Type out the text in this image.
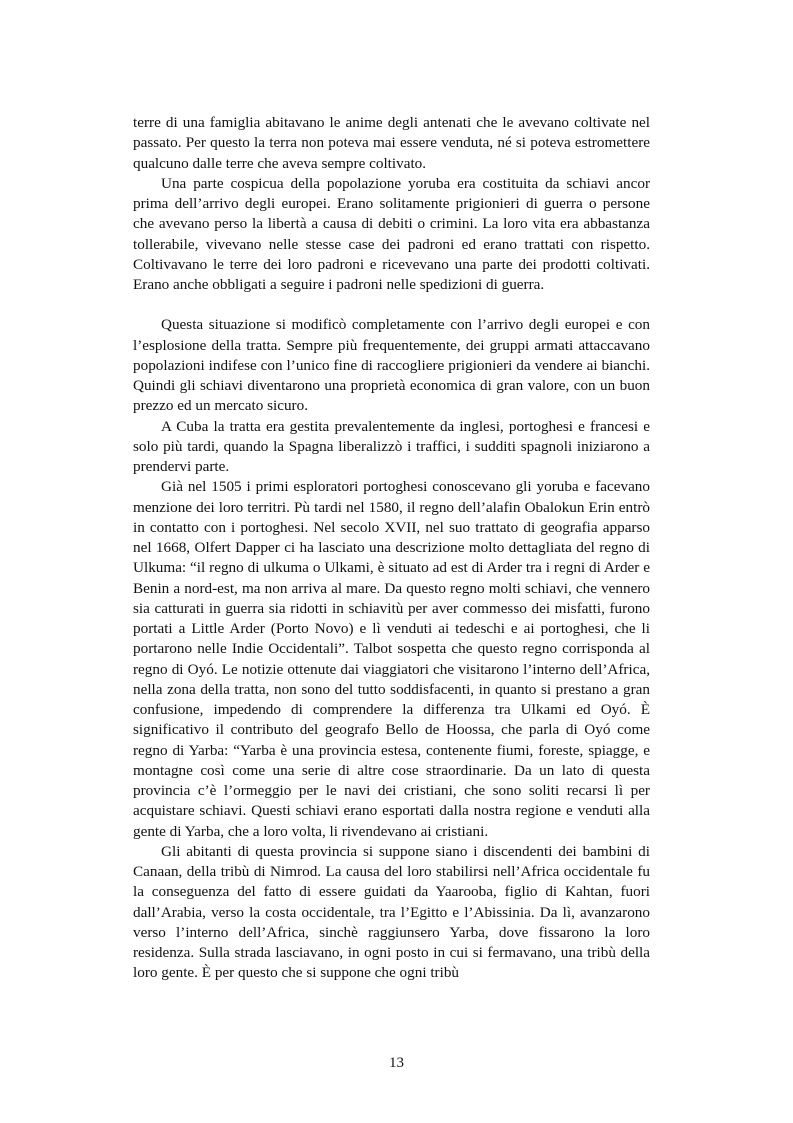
terre di una famiglia abitavano le anime degli antenati che le avevano coltivate nel passato. Per questo la terra non poteva mai essere venduta, né si poteva estromettere qualcuno dalle terre che aveva sempre coltivato.

Una parte cospicua della popolazione yoruba era costituita da schiavi ancor prima dell’arrivo degli europei. Erano solitamente prigionieri di guerra o persone che avevano perso la libertà a causa di debiti o crimini. La loro vita era abbastanza tollerabile, vivevano nelle stesse case dei padroni ed erano trattati con rispetto. Coltivavano le terre dei loro padroni e ricevevano una parte dei prodotti coltivati. Erano anche obbligati a seguire i padroni nelle spedizioni di guerra.

Questa situazione si modificò completamente con l’arrivo degli europei e con l’esplosione della tratta. Sempre più frequentemente, dei gruppi armati attaccavano popolazioni indifese con l’unico fine di raccogliere prigionieri da vendere ai bianchi. Quindi gli schiavi diventarono una proprietà economica di gran valore, con un buon prezzo ed un mercato sicuro.

A Cuba la tratta era gestita prevalentemente da inglesi, portoghesi e francesi e solo più tardi, quando la Spagna liberalizzò i traffici, i sudditi spagnoli iniziarono a prendervi parte.

Già nel 1505 i primi esploratori portoghesi conoscevano gli yoruba e facevano menzione dei loro territri. Pù tardi nel 1580, il regno dell’alafin Obalokun Erin entrò in contatto con i portoghesi. Nel secolo XVII, nel suo trattato di geografia apparso nel 1668, Olfert Dapper ci ha lasciato una descrizione molto dettagliata del regno di Ulkuma: “il regno di ulkuma o Ulkami, è situato ad est di Arder tra i regni di Arder e Benin a nord-est, ma non arriva al mare. Da questo regno molti schiavi, che vennero sia catturati in guerra sia ridotti in schiavitù per aver commesso dei misfatti, furono portati a Little Arder (Porto Novo) e lì venduti ai tedeschi e ai portoghesi, che li portarono nelle Indie Occidentali”. Talbot sospetta che questo regno corrisponda al regno di Oyó. Le notizie ottenute dai viaggiatori che visitarono l’interno dell’Africa, nella zona della tratta, non sono del tutto soddisfacenti, in quanto si prestano a gran confusione, impedendo di comprendere la differenza tra Ulkami ed Oyó. È significativo il contributo del geografo Bello de Hoossa, che parla di Oyó come regno di Yarba: “Yarba è una provincia estesa, contenente fiumi, foreste, spiagge, e montagne così come una serie di altre cose straordinarie. Da un lato di questa provincia c’è l’ormeggio per le navi dei cristiani, che sono soliti recarsi lì per acquistare schiavi. Questi schiavi erano esportati dalla nostra regione e venduti alla gente di Yarba, che a loro volta, li rivendevano ai cristiani.

Gli abitanti di questa provincia si suppone siano i discendenti dei bambini di Canaan, della tribù di Nimrod. La causa del loro stabilirsi nell’Africa occidentale fu la conseguenza del fatto di essere guidati da Yaarooba, figlio di Kahtan, fuori dall’Arabia, verso la costa occidentale, tra l’Egitto e l’Abissinia. Da lì, avanzarono verso l’interno dell’Africa, sinchè raggiunsero Yarba, dove fissarono la loro residenza. Sulla strada lasciavano, in ogni posto in cui si fermavano, una tribù della loro gente. È per questo che si suppone che ogni tribù

13
